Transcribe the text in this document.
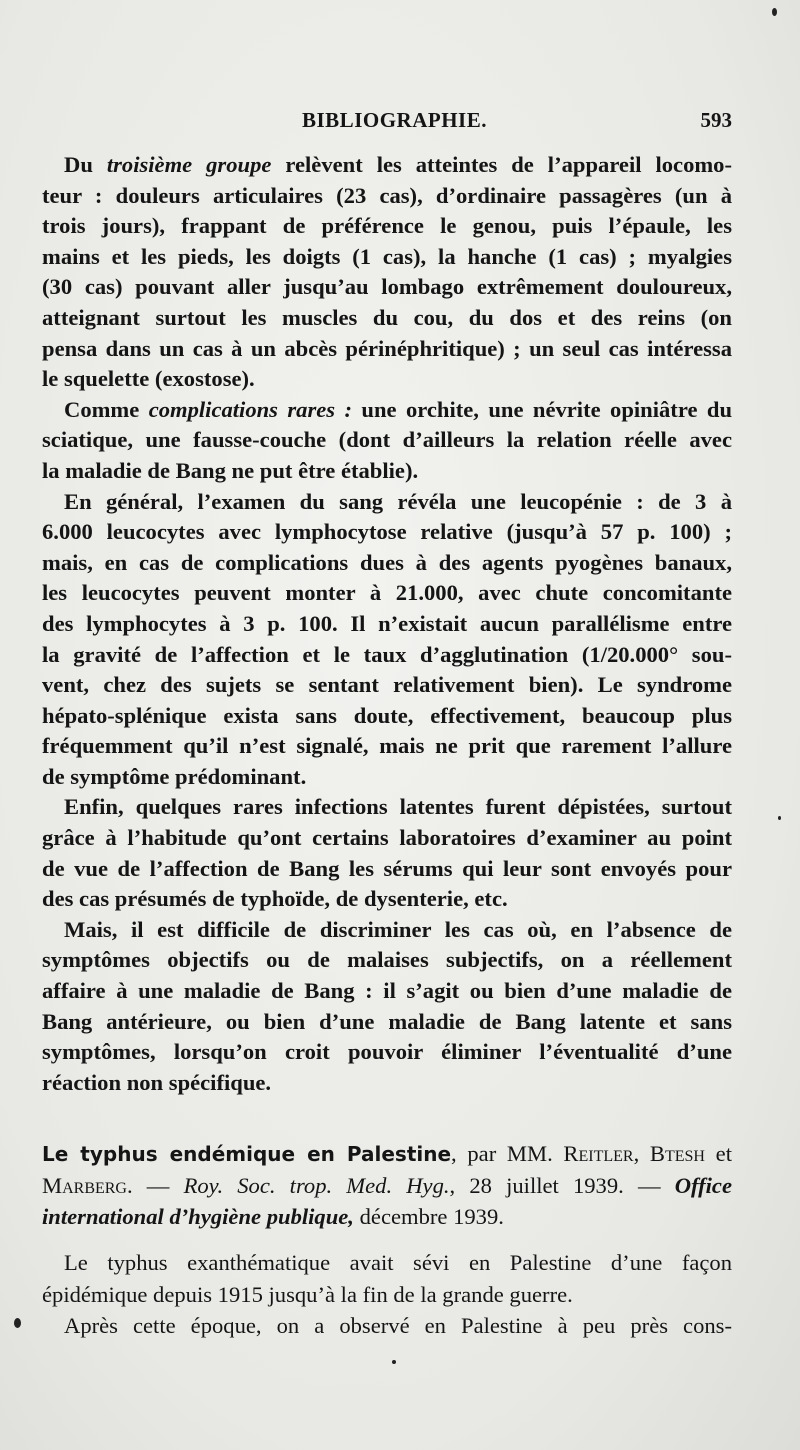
BIBLIOGRAPHIE.	593
Du troisième groupe relèvent les atteintes de l’appareil locomo-
teur : douleurs articulaires (23 cas), d’ordinaire passagères (un à
trois jours), frappant de préférence le genou, puis l’épaule, les
mains et les pieds, les doigts (1 cas), la hanche (1 cas) ; myalgies
(30 cas) pouvant aller jusqu’au lombago extrêmement douloureux,
atteignant surtout les muscles du cou, du dos et des reins (on
pensa dans un cas à un abcès périnéphritique) ; un seul cas intéressa
le squelette (exostose).
Comme complications rares : une orchite, une névrite opiniâtre du
sciatique, une fausse-couche (dont d’ailleurs la relation réelle avec
la maladie de Bang ne put être établie).
En général, l’examen du sang révéla une leucopénie : de 3 à
6.000 leucocytes avec lymphocytose relative (jusqu’à 57 p. 100) ;
mais, en cas de complications dues à des agents pyogènes banaux,
les leucocytes peuvent monter à 21.000, avec chute concomitante
des lymphocytes à 3 p. 100. Il n’existait aucun parallélisme entre
la gravité de l’affection et le taux d’agglutination (1/20.000° sou-
vent, chez des sujets se sentant relativement bien). Le syndrome
hépato-splénique exista sans doute, effectivement, beaucoup plus
fréquemment qu’il n’est signalé, mais ne prit que rarement l’allure
de symptôme prédominant.
Enfin, quelques rares infections latentes furent dépistées, surtout
grâce à l’habitude qu’ont certains laboratoires d’examiner au point
de vue de l’affection de Bang les sérums qui leur sont envoyés pour
des cas présumés de typhoïde, de dysenterie, etc.
Mais, il est difficile de discriminer les cas où, en l’absence de
symptômes objectifs ou de malaises subjectifs, on a réellement
affaire à une maladie de Bang : il s’agit ou bien d’une maladie de
Bang antérieure, ou bien d’une maladie de Bang latente et sans
symptômes, lorsqu’on croit pouvoir éliminer l’éventualité d’une
réaction non spécifique.
Le typhus endémique en Palestine, par MM. Reitler, Btesh et
Marberg. — Roy. Soc. trop. Med. Hyg., 28 juillet 1939. — Office
international d’hygiène publique, décembre 1939.
Le typhus exanthématique avait sévi en Palestine d’une façon
épidémique depuis 1915 jusqu’à la fin de la grande guerre.
Après cette époque, on a observé en Palestine à peu près cons-
